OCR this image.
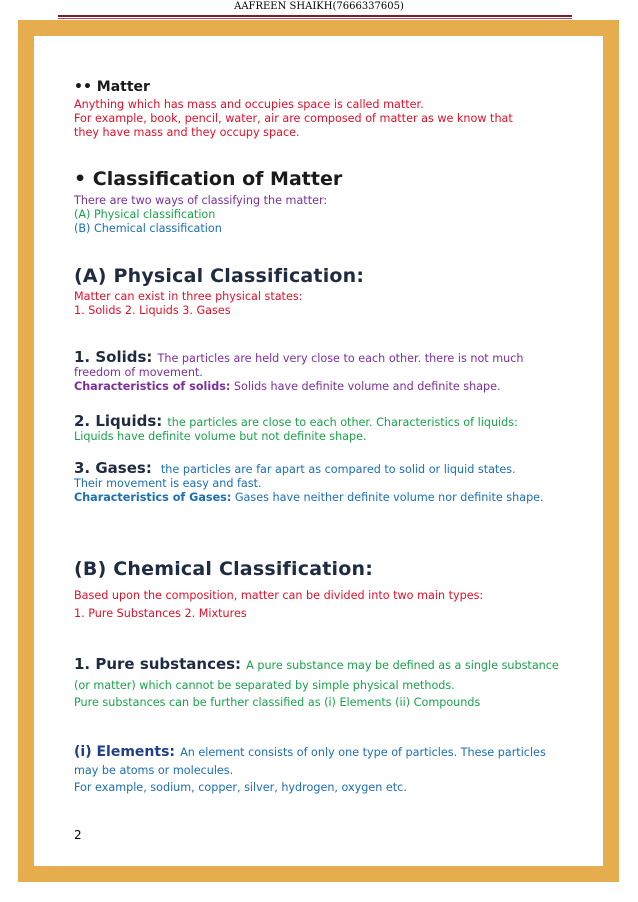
AAFREEN SHAIKH(7666337605)
•• Matter
Anything which has mass and occupies space is called matter.
For example, book, pencil, water, air are composed of matter as we know that
they have mass and they occupy space.
• Classification of Matter
There are two ways of classifying the matter:
(A) Physical classification
(B) Chemical classification
(A) Physical Classification:
Matter can exist in three physical states:
1. Solids 2. Liquids 3. Gases
1. Solids: The particles are held very close to each other. there is not much
freedom of movement.
Characteristics of solids: Solids have definite volume and definite shape.
2. Liquids: the particles are close to each other. Characteristics of liquids:
Liquids have definite volume but not definite shape.
3. Gases: the particles are far apart as compared to solid or liquid states.
Their movement is easy and fast.
Characteristics of Gases: Gases have neither definite volume nor definite shape.
(B) Chemical Classification:
Based upon the composition, matter can be divided into two main types:
1. Pure Substances 2. Mixtures
1. Pure substances: A pure substance may be defined as a single substance
(or matter) which cannot be separated by simple physical methods.
Pure substances can be further classified as (i) Elements (ii) Compounds
(i) Elements: An element consists of only one type of particles. These particles
may be atoms or molecules.
For example, sodium, copper, silver, hydrogen, oxygen etc.
2
